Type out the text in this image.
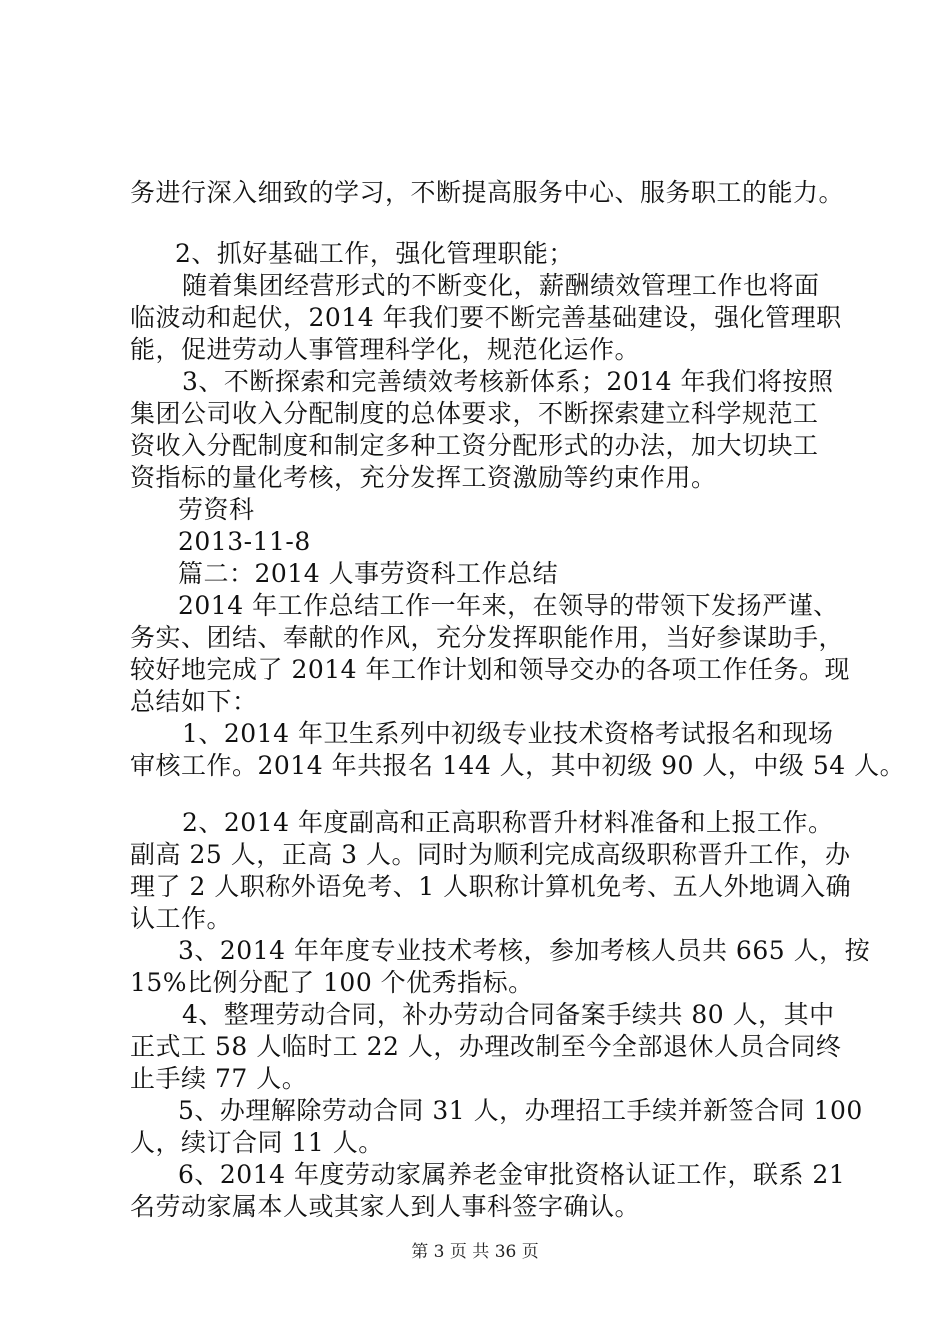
务进行深入细致的学习，不断提高服务中心、服务职工的能力。
2、抓好基础工作，强化管理职能；
随着集团经营形式的不断变化，薪酬绩效管理工作也将面
临波动和起伏，2014 年我们要不断完善基础建设，强化管理职
能，促进劳动人事管理科学化，规范化运作。
3、不断探索和完善绩效考核新体系；2014 年我们将按照
集团公司收入分配制度的总体要求，不断探索建立科学规范工
资收入分配制度和制定多种工资分配形式的办法，加大切块工
资指标的量化考核，充分发挥工资激励等约束作用。
劳资科
2013-11-8
篇二：2014 人事劳资科工作总结
2014 年工作总结工作一年来，在领导的带领下发扬严谨、
务实、团结、奉献的作风，充分发挥职能作用，当好参谋助手，
较好地完成了 2014 年工作计划和领导交办的各项工作任务。现
总结如下：
1、2014 年卫生系列中初级专业技术资格考试报名和现场
审核工作。2014 年共报名 144 人，其中初级 90 人，中级 54 人。
2、2014 年度副高和正高职称晋升材料准备和上报工作。
副高 25 人，正高 3 人。同时为顺利完成高级职称晋升工作，办
理了 2 人职称外语免考、1 人职称计算机免考、五人外地调入确
认工作。
3、2014 年年度专业技术考核，参加考核人员共 665 人，按
15%比例分配了 100 个优秀指标。
4、整理劳动合同，补办劳动合同备案手续共 80 人，其中
正式工 58 人临时工 22 人，办理改制至今全部退休人员合同终
止手续 77 人。
5、办理解除劳动合同 31 人，办理招工手续并新签合同 100
人，续订合同 11 人。
6、2014 年度劳动家属养老金审批资格认证工作，联系 21
名劳动家属本人或其家人到人事科签字确认。
第 3 页 共 36 页
